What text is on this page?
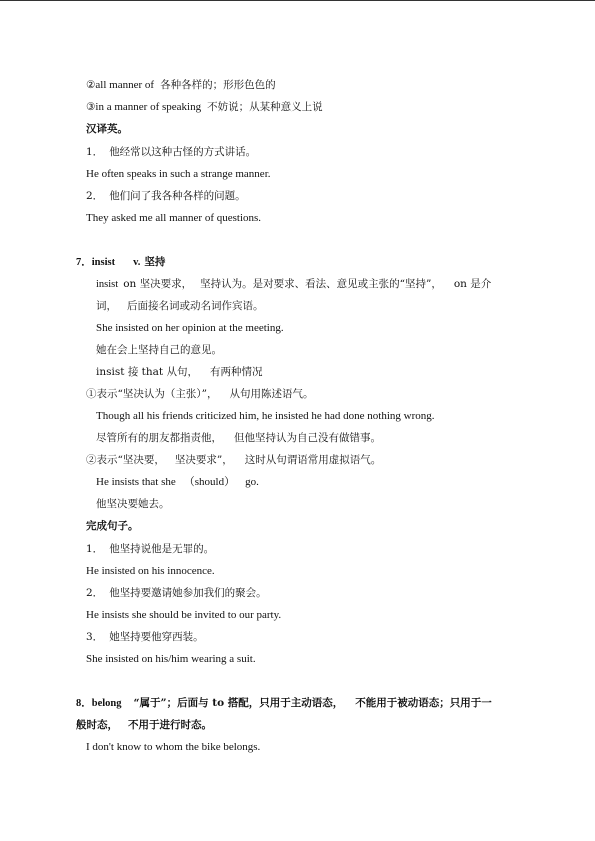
②all manner of 各种各样的；形形色色的
③in a manner of speaking 不妨说；从某种意义上说
汉译英。
1． 他经常以这种古怪的方式讲话。
He often speaks in such a strange manner.
2． 他们问了我各种各样的问题。
They asked me all manner of questions.
7．insist v. 坚持
insist on 坚决要求， 坚持认为。是对要求、看法、意见或主张的“坚持”， on 是介
词， 后面接名词或动名词作宾语。
She insisted on her opinion at the meeting.
她在会上坚持自己的意见。
insist 接 that 从句， 有两种情况
①表示“坚决认为（主张）”， 从句用陈述语气。
Though all his friends criticized him, he insisted he had done nothing wrong.
尽管所有的朋友都指责他， 但他坚持认为自己没有做错事。
②表示“坚决要， 坚决要求”， 这时从句谓语常用虚拟语气。
He insists that she （should） go.
他坚决要她去。
完成句子。
1． 他坚持说他是无罪的。
He insisted on his innocence.
2． 他坚持要邀请她参加我们的聚会。
He insists she should be invited to our party.
3． 她坚持要他穿西装。
She insisted on his/him wearing a suit.
8．belong “属于”；后面与 to 搭配，只用于主动语态， 不能用于被动语态；只用于一
般时态， 不用于进行时态。
I don't know to whom the bike belongs.
